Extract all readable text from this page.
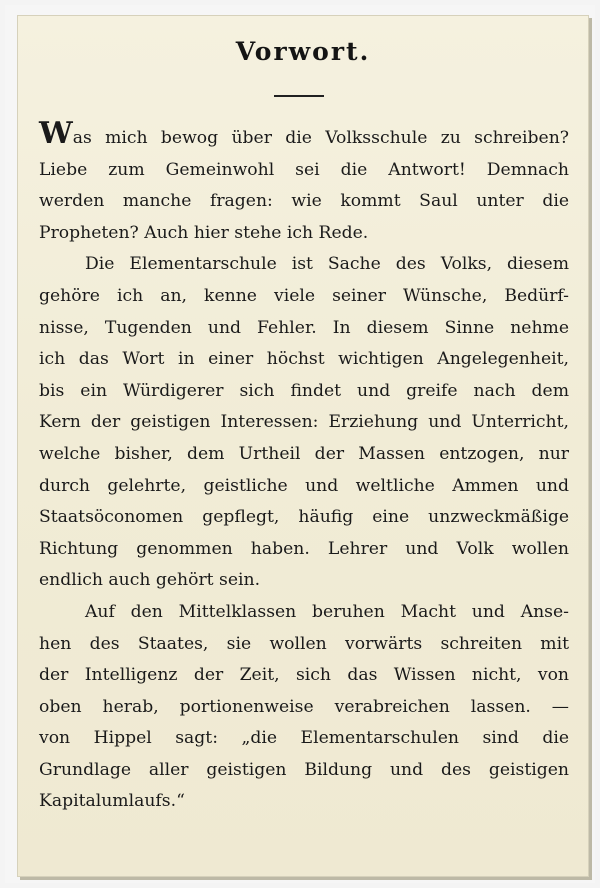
Vorwort.
Was mich bewog über die Volksschule zu schreiben?
Liebe zum Gemeinwohl sei die Antwort! Demnach
werden manche fragen: wie kommt Saul unter die
Propheten? Auch hier stehe ich Rede.
Die Elementarschule ist Sache des Volks, diesem
gehöre ich an, kenne viele seiner Wünsche, Bedürf-
nisse, Tugenden und Fehler. In diesem Sinne nehme
ich das Wort in einer höchst wichtigen Angelegenheit,
bis ein Würdigerer sich findet und greife nach dem
Kern der geistigen Interessen: Erziehung und Unterricht,
welche bisher, dem Urtheil der Massen entzogen, nur
durch gelehrte, geistliche und weltliche Ammen und
Staatsöconomen gepflegt, häufig eine unzweckmäßige
Richtung genommen haben. Lehrer und Volk wollen
endlich auch gehört sein.
Auf den Mittelklassen beruhen Macht und Anse-
hen des Staates, sie wollen vorwärts schreiten mit
der Intelligenz der Zeit, sich das Wissen nicht, von
oben herab, portionenweise verabreichen lassen. —
von Hippel sagt: „die Elementarschulen sind die
Grundlage aller geistigen Bildung und des geistigen
Kapitalumlaufs.“
